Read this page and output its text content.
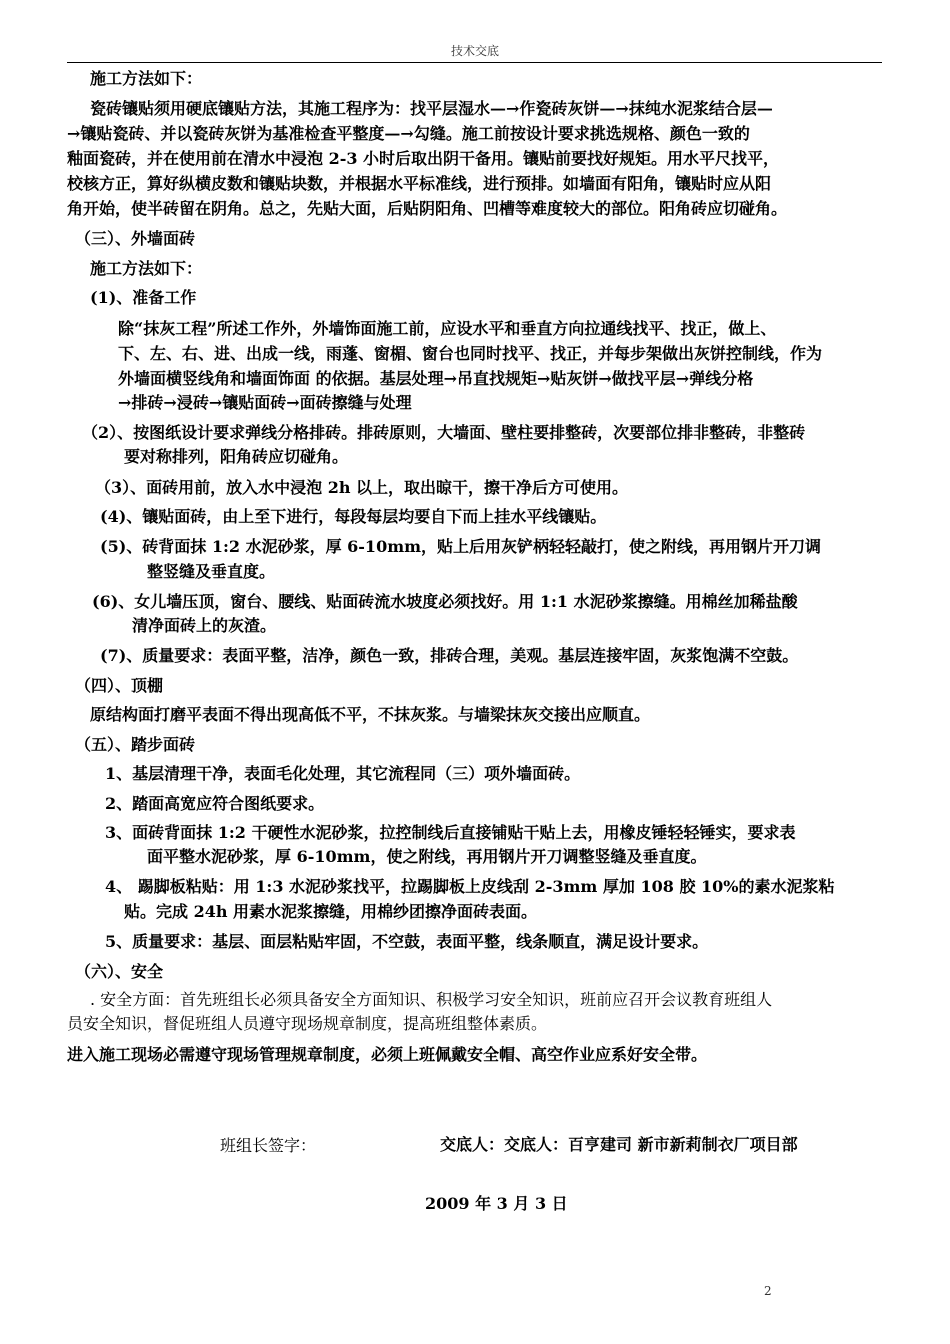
技术交底
施工方法如下：
瓷砖镶贴须用硬底镶贴方法，其施工程序为：找平层湿水—→作瓷砖灰饼—→抹纯水泥浆结合层—
→镶贴瓷砖、并以瓷砖灰饼为基准检查平整度—→勾缝。施工前按设计要求挑选规格、颜色一致的
釉面瓷砖，并在使用前在清水中浸泡 2-3 小时后取出阴干备用。镶贴前要找好规矩。用水平尺找平，
校核方正，算好纵横皮数和镶贴块数，并根据水平标准线，进行预排。如墙面有阳角，镶贴时应从阳
角开始，使半砖留在阴角。总之，先贴大面，后贴阴阳角、凹槽等难度较大的部位。阳角砖应切碰角。
（三）、外墙面砖
施工方法如下：
(1)、准备工作
除“抹灰工程”所述工作外，外墙饰面施工前，应设水平和垂直方向拉通线找平、找正，做上、
下、左、右、进、出成一线，雨蓬、窗楣、窗台也同时找平、找正，并每步架做出灰饼控制线，作为
外墙面横竖线角和墙面饰面 的依据。基层处理→吊直找规矩→贴灰饼→做找平层→弹线分格
→排砖→浸砖→镶贴面砖→面砖擦缝与处理
（2）、按图纸设计要求弹线分格排砖。排砖原则，大墙面、壁柱要排整砖，次要部位排非整砖，非整砖
要对称排列，阳角砖应切碰角。
（3）、面砖用前，放入水中浸泡 2h 以上，取出晾干，擦干净后方可使用。
(4)、镶贴面砖，由上至下进行，每段每层均要自下而上挂水平线镶贴。
(5)、砖背面抹 1:2 水泥砂浆，厚 6-10mm，贴上后用灰铲柄轻轻敲打，使之附线，再用钢片开刀调
整竖缝及垂直度。
(6)、女儿墙压顶，窗台、腰线、贴面砖流水坡度必须找好。用 1:1 水泥砂浆擦缝。用棉丝加稀盐酸
清净面砖上的灰渣。
(7)、质量要求：表面平整，洁净，颜色一致，排砖合理，美观。基层连接牢固，灰浆饱满不空鼓。
（四）、顶棚
原结构面打磨平表面不得出现高低不平，不抹灰浆。与墙梁抹灰交接出应顺直。
（五）、踏步面砖
1、基层清理干净，表面毛化处理，其它流程同（三）项外墙面砖。
2、踏面高宽应符合图纸要求。
3、面砖背面抹 1:2 干硬性水泥砂浆，拉控制线后直接铺贴干贴上去，用橡皮锤轻轻锤实，要求表
面平整水泥砂浆，厚 6-10mm，使之附线，再用钢片开刀调整竖缝及垂直度。
4、 踢脚板粘贴：用 1:3 水泥砂浆找平，拉踢脚板上皮线刮 2-3mm 厚加 108 胶 10%的素水泥浆粘
贴。完成 24h 用素水泥浆擦缝，用棉纱团擦净面砖表面。
5、质量要求：基层、面层粘贴牢固，不空鼓，表面平整，线条顺直，满足设计要求。
（六）、安全
. 安全方面：首先班组长必须具备安全方面知识、积极学习安全知识，班前应召开会议教育班组人
员安全知识，督促班组人员遵守现场规章制度，提高班组整体素质。
进入施工现场必需遵守现场管理规章制度，必须上班佩戴安全帽、高空作业应系好安全带。
班组长签字：	交底人：交底人：百亨建司 新市新莉制衣厂项目部
2009 年 3 月 3 日
2
